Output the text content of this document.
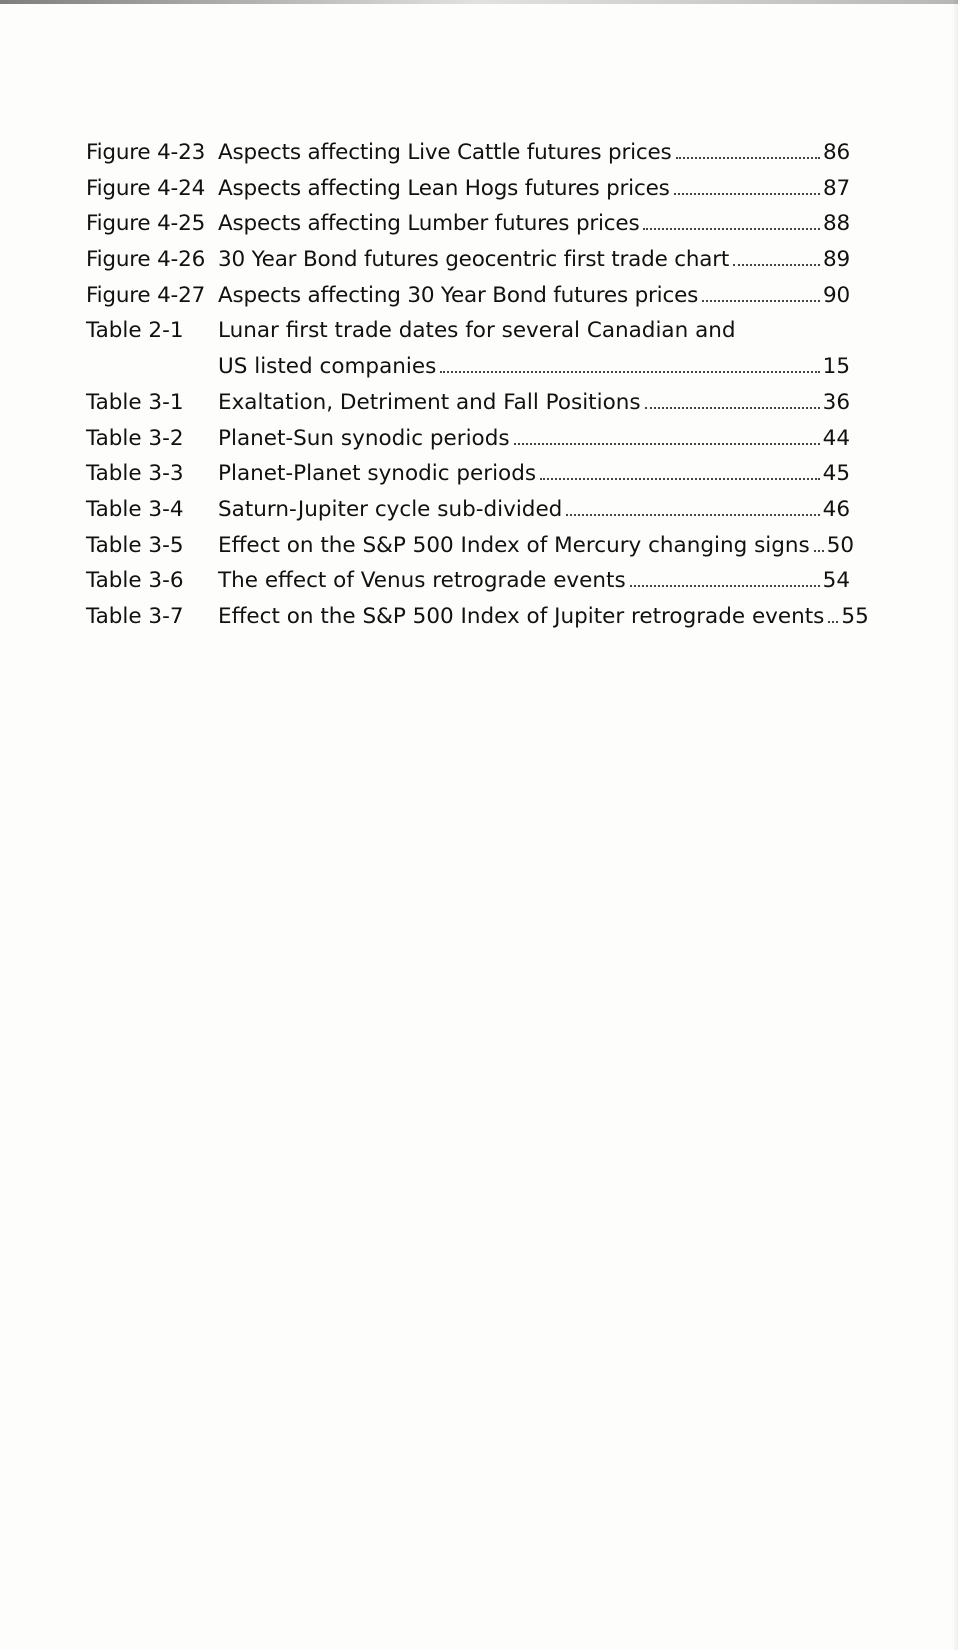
Figure 4-23 Aspects affecting Live Cattle futures prices	86
Figure 4-24 Aspects affecting Lean Hogs futures prices	87
Figure 4-25 Aspects affecting Lumber futures prices	88
Figure 4-26 30 Year Bond futures geocentric first trade chart	89
Figure 4-27 Aspects affecting 30 Year Bond futures prices	90
Table 2-1 Lunar first trade dates for several Canadian and
US listed companies	15
Table 3-1 Exaltation, Detriment and Fall Positions	36
Table 3-2 Planet-Sun synodic periods	44
Table 3-3 Planet-Planet synodic periods	45
Table 3-4 Saturn-Jupiter cycle sub-divided	46
Table 3-5 Effect on the S&P 500 Index of Mercury changing signs 50
Table 3-6 The effect of Venus retrograde events	54
Table 3-7 Effect on the S&P 500 Index of Jupiter retrograde events 55
